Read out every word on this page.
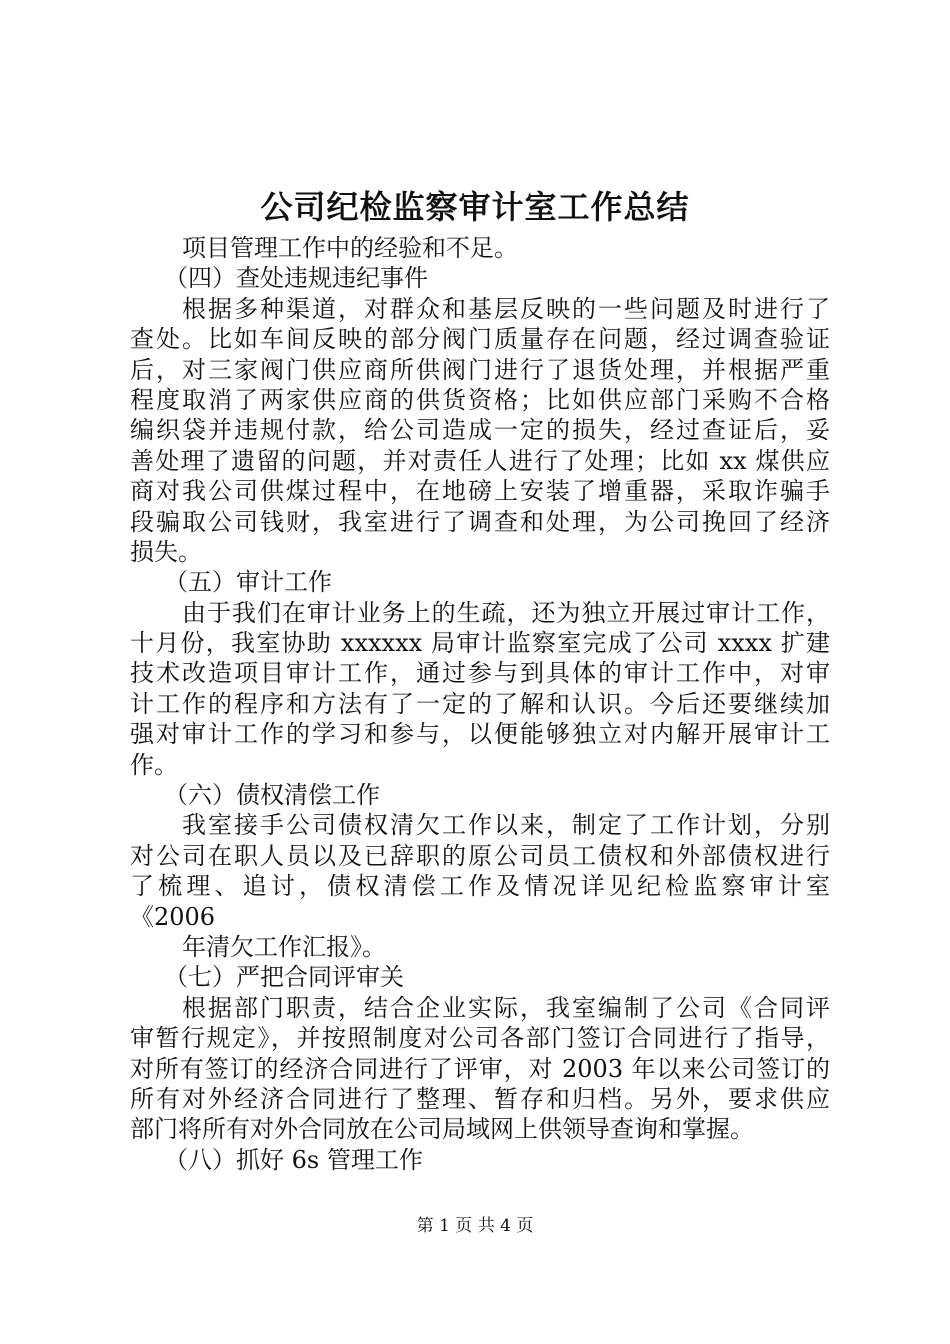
公司纪检监察审计室工作总结
项目管理工作中的经验和不足。
（四）查处违规违纪事件
根据多种渠道，对群众和基层反映的一些问题及时进行了
查处。比如车间反映的部分阀门质量存在问题，经过调查验证
后，对三家阀门供应商所供阀门进行了退货处理，并根据严重
程度取消了两家供应商的供货资格；比如供应部门采购不合格
编织袋并违规付款，给公司造成一定的损失，经过查证后，妥
善处理了遗留的问题，并对责任人进行了处理；比如 xx 煤供应
商对我公司供煤过程中，在地磅上安装了增重器，采取诈骗手
段骗取公司钱财，我室进行了调查和处理，为公司挽回了经济
损失。
（五）审计工作
由于我们在审计业务上的生疏，还为独立开展过审计工作，
十月份，我室协助 xxxxxx 局审计监察室完成了公司 xxxx 扩建
技术改造项目审计工作，通过参与到具体的审计工作中，对审
计工作的程序和方法有了一定的了解和认识。今后还要继续加
强对审计工作的学习和参与，以便能够独立对内解开展审计工
作。
（六）债权清偿工作
我室接手公司债权清欠工作以来，制定了工作计划，分别
对公司在职人员以及已辞职的原公司员工债权和外部债权进行
了梳理、追讨，债权清偿工作及情况详见纪检监察审计室
《2006
年清欠工作汇报》。
（七）严把合同评审关
根据部门职责，结合企业实际，我室编制了公司《合同评
审暂行规定》，并按照制度对公司各部门签订合同进行了指导，
对所有签订的经济合同进行了评审，对 2003 年以来公司签订的
所有对外经济合同进行了整理、暂存和归档。另外，要求供应
部门将所有对外合同放在公司局域网上供领导查询和掌握。
（八）抓好 6s 管理工作
第 1 页 共 4 页
